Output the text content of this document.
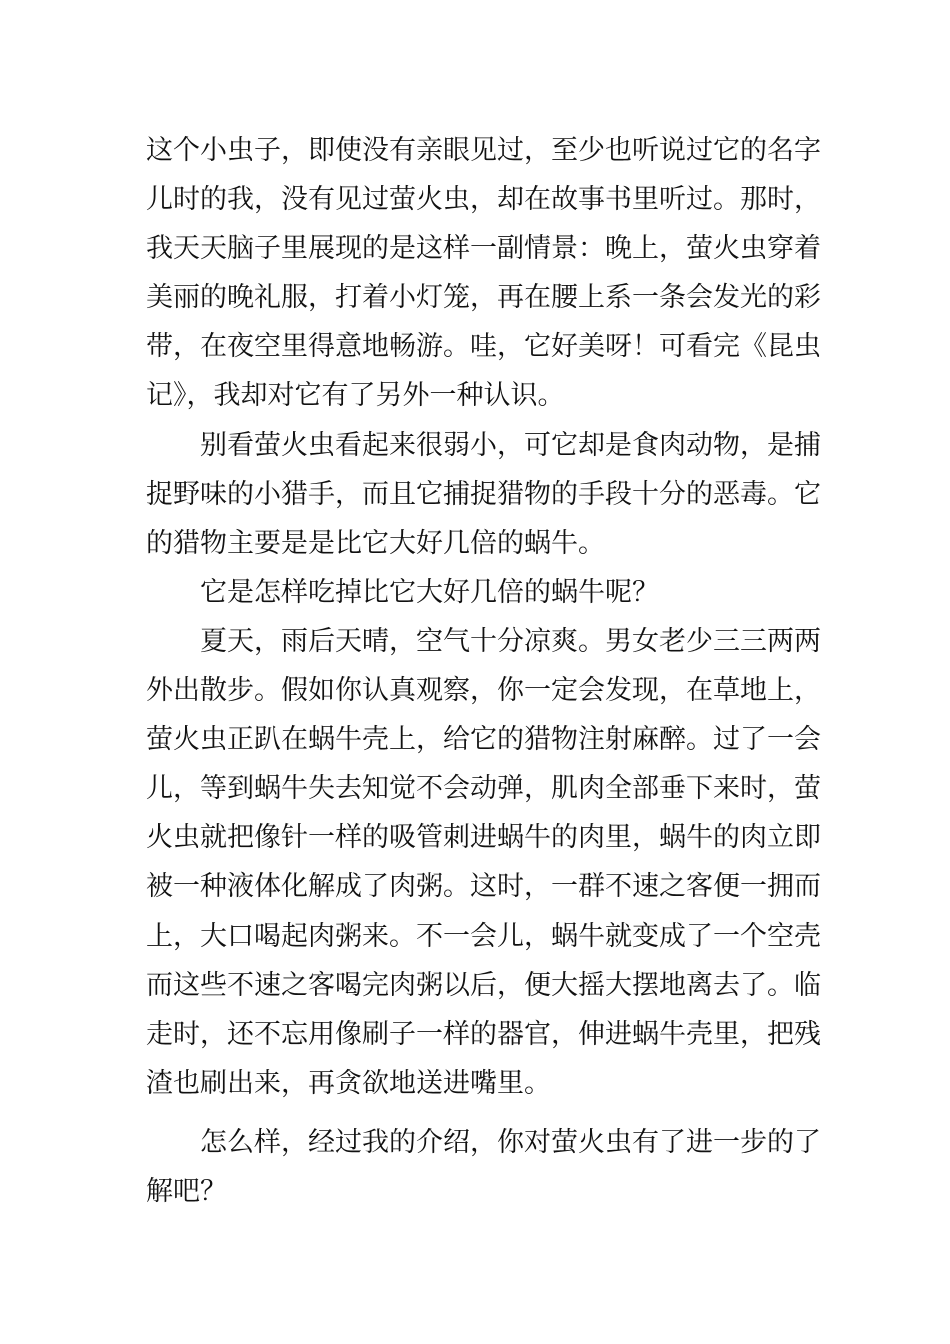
这个小虫子，即使没有亲眼见过，至少也听说过它的名字
儿时的我，没有见过萤火虫，却在故事书里听过。那时，
我天天脑子里展现的是这样一副情景：晚上，萤火虫穿着
美丽的晚礼服，打着小灯笼，再在腰上系一条会发光的彩
带，在夜空里得意地畅游。哇，它好美呀！可看完《昆虫
记》，我却对它有了另外一种认识。
别看萤火虫看起来很弱小，可它却是食肉动物，是捕
捉野味的小猎手，而且它捕捉猎物的手段十分的恶毒。它
的猎物主要是是比它大好几倍的蜗牛。
它是怎样吃掉比它大好几倍的蜗牛呢？
夏天，雨后天晴，空气十分凉爽。男女老少三三两两
外出散步。假如你认真观察，你一定会发现，在草地上，
萤火虫正趴在蜗牛壳上，给它的猎物注射麻醉。过了一会
儿，等到蜗牛失去知觉不会动弹，肌肉全部垂下来时，萤
火虫就把像针一样的吸管刺进蜗牛的肉里，蜗牛的肉立即
被一种液体化解成了肉粥。这时，一群不速之客便一拥而
上，大口喝起肉粥来。不一会儿，蜗牛就变成了一个空壳
而这些不速之客喝完肉粥以后，便大摇大摆地离去了。临
走时，还不忘用像刷子一样的器官，伸进蜗牛壳里，把残
渣也刷出来，再贪欲地送进嘴里。
怎么样，经过我的介绍，你对萤火虫有了进一步的了
解吧？
